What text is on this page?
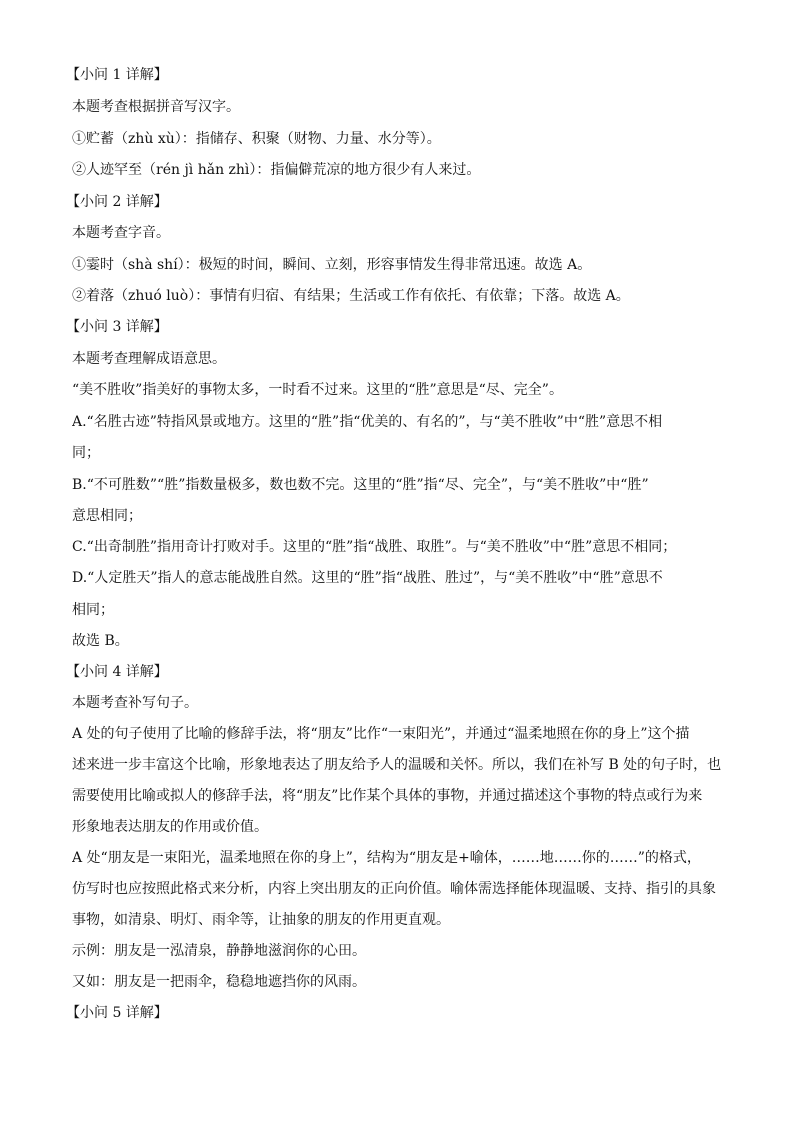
【小问 1 详解】
本题考查根据拼音写汉字。
①贮蓄（zhù xù）：指储存、积聚（财物、力量、水分等）。
②人迹罕至（rén jì hǎn zhì）：指偏僻荒凉的地方很少有人来过。
【小问 2 详解】
本题考查字音。
①霎时（shà shí）：极短的时间，瞬间、立刻，形容事情发生得非常迅速。故选 A。
②着落（zhuó luò）：事情有归宿、有结果；生活或工作有依托、有依靠；下落。故选 A。
【小问 3 详解】
本题考查理解成语意思。
“美不胜收”指美好的事物太多，一时看不过来。这里的“胜”意思是“尽、完全”。
A.“名胜古迹”特指风景或地方。这里的“胜”指“优美的、有名的”，与“美不胜收”中“胜”意思不相
同；
B.“不可胜数”“胜”指数量极多，数也数不完。这里的“胜”指“尽、完全”，与“美不胜收”中“胜”
意思相同；
C.“出奇制胜”指用奇计打败对手。这里的“胜”指“战胜、取胜”。与“美不胜收”中“胜”意思不相同；
D.“人定胜天”指人的意志能战胜自然。这里的“胜”指“战胜、胜过”，与“美不胜收”中“胜”意思不
相同；
故选 B。
【小问 4 详解】
本题考查补写句子。
A 处的句子使用了比喻的修辞手法，将“朋友”比作“一束阳光”，并通过“温柔地照在你的身上”这个描
述来进一步丰富这个比喻，形象地表达了朋友给予人的温暖和关怀。所以，我们在补写 B 处的句子时，也
需要使用比喻或拟人的修辞手法，将“朋友”比作某个具体的事物，并通过描述这个事物的特点或行为来
形象地表达朋友的作用或价值。
A 处“朋友是一束阳光，温柔地照在你的身上”，结构为“朋友是+喻体，……地……你的……”的格式，
仿写时也应按照此格式来分析，内容上突出朋友的正向价值。喻体需选择能体现温暖、支持、指引的具象
事物，如清泉、明灯、雨伞等，让抽象的朋友的作用更直观。
示例：朋友是一泓清泉，静静地滋润你的心田。
又如：朋友是一把雨伞，稳稳地遮挡你的风雨。
【小问 5 详解】
